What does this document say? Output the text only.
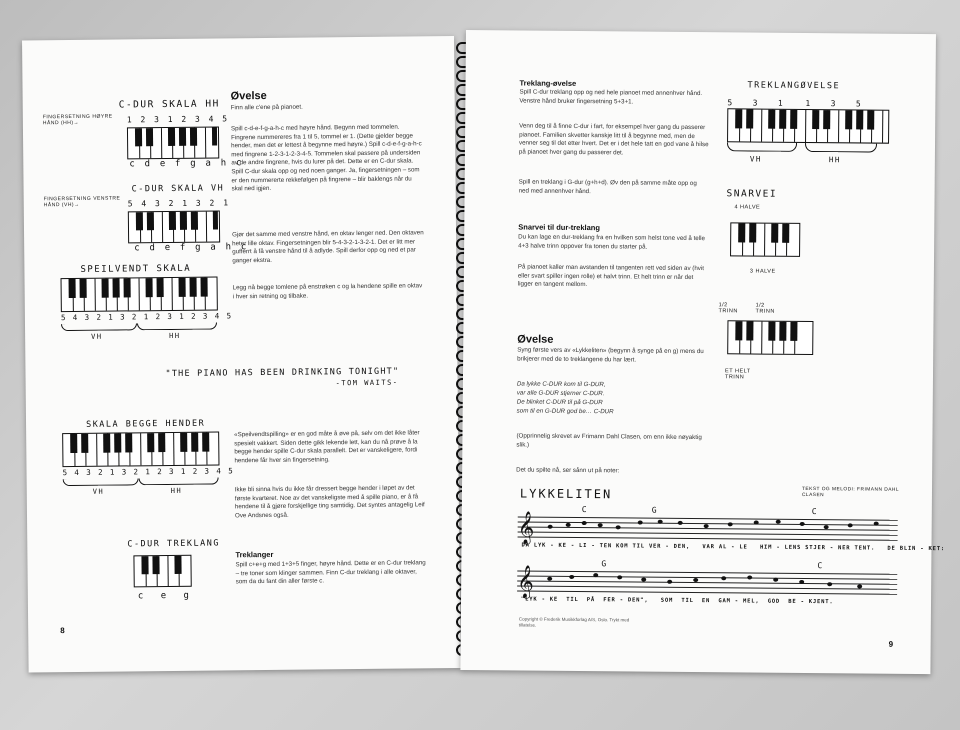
C-DUR SKALA HH
FINGERSETNING HØYRE HÅND (HH)→	1 2 3 1 2 3 4 5
c d e f g a h c
C-DUR SKALA VH
FINGERSETNING VENSTRE HÅND (VH)→	5 4 3 2 1 3 2 1
c d e f g a h c
SPEILVENDT SKALA
5 4 3 2 1 3 2 1 2 3 1 2 3 4 5
VH	HH
Øvelse
Finn alle c'ene på pianoet.
Spill c-d-e-f-g-a-h-c med høyre hånd. Begynn med tommelen. Fingrene nummereres fra 1 til 5, tommel er 1. (Dette gjelder begge hender, men det er lettest å begynne med høyre.) Spill c-d-e-f-g-a-h-c med fingrene 1-2-3-1-2-3-4-5. Tommelen skal passere på undersiden av de andre fingrene, hvis du lurer på det. Dette er en C-dur skala. Spill C-dur skala opp og ned noen ganger. Ja, fingersetningen – som er den nummererte rekkefølgen på fingrene – blir baklengs når du skal ned igjen.
Gjør det samme med venstre hånd, en oktav lenger ned. Den oktaven heter lille oktav. Fingersetningen blir 5-4-3-2-1-3-2-1. Det er litt mer gufferrt å få venstre hånd til å adlyde. Spill derfor opp og ned et par ganger ekstra.
Legg nå begge tomlene på enstrøken c og la hendene spille en oktav i hver sin retning og tilbake.
"THE PIANO HAS BEEN DRINKING TONIGHT"
-TOM WAITS-
SKALA BEGGE HENDER
5 4 3 2 1 3 2 1 2 3 1 2 3 4 5
VH	HH
«Speilvendtspilling» er en god måte å øve på, selv om det ikke låter spesielt vakkert. Siden dette gikk lekende lett, kan du nå prøve å la begge hender spille C-dur skala parallelt. Det er vanskeligere, fordi hendene får hver sin fingersetning.
Ikke bli sinna hvis du ikke får dressert begge hender i løpet av det første kvarteret. Noe av det vanskeligste med å spille piano, er å få hendene til å gjøre forskjellige ting samtidig. Det syntes antagelig Leif Ove Andsnes også.
C-DUR TREKLANG
c e g
Treklanger
Spill c+e+g med 1+3+5 finger, høyre hånd. Dette er en C-dur treklang – tre toner som klinger sammen. Finn C-dur treklang i alle oktaver, som da du fant din aller første c.
8
Treklang-øvelse
Spill C-dur treklang opp og ned hele pianoet med annenhver hånd. Venstre hånd bruker fingersetning 5+3+1.
Venn deg til å finne C-dur i fart, for eksempel hver gang du passerer pianoet. Familien skvetter kanskje litt til å begynne med, men de venner seg til det etter hvert. Det er i det hele tatt en god vane å hilse på pianoet hver gang du passerer det.
Spill en treklang i G-dur (g+h+d). Øv den på samme måte opp og ned med annenhver hånd.
TREKLANGØVELSE
5   3   1	1   3   5
VH	HH
Snarvei til dur-treklang
Du kan lage en dur-treklang fra en hvilken som helst tone ved å telle 4+3 halve trinn oppover fra tonen du starter på.
På pianoet kaller man avstanden til tangenten rett ved siden av (hvit eller svart spiller ingen rolle) et halvt trinn. Et helt trinn er når det ligger en tangent mellom.
SNARVEI
4 HALVE
3 HALVE
1/2 TRINN
1/2 TRINN
ET HELT TRINN
Øvelse
Syng første vers av «Lykkeliten» (begynn å synge på en g) mens du brikjerer med de to treklangene du har lært.
Da lykke C-DUR kom til G-DUR,
var alle G-DUR stjerner C-DUR.
De blinket C-DUR til på G-DUR
som til en G-DUR god be… C-DUR
(Opprinnelig skrevet av Frimann Dahl Clasen, om enn ikke nøyaktig slik.)
Det du spilte nå, ser sånn ut på noter:
LYKKELITEN	TEKST OG MELODI: FRIMANN DAHL CLASEN
C	G	C
𝄞
DA LYK - KE - LI - TEN KOM TIL VER - DEN,   VAR AL - LE   HIM - LENS STJER - NER TENT.   DE BLIN - KET:
G	C
𝄞
"LYK - KE  TIL  PÅ  FER - DEN",   SOM  TIL  EN  GAM - MEL,  GOD  BE - KJENT.
Copyright © Frederik Musikkforlag A/S, Oslo. Trykt med tillatelse.
9
